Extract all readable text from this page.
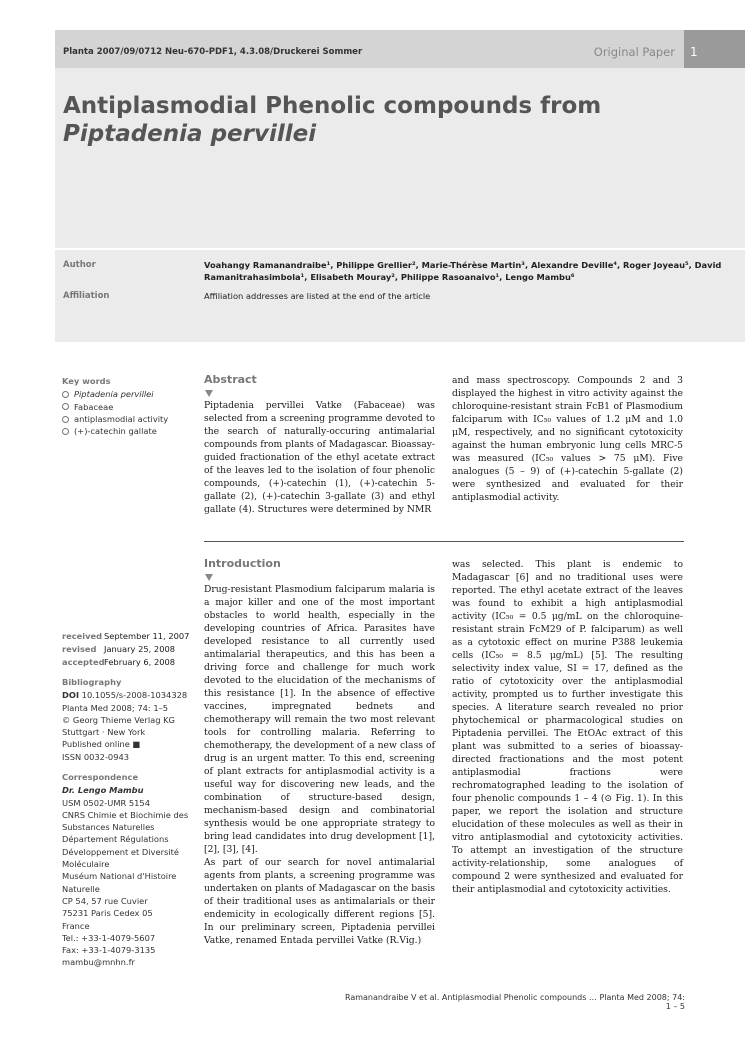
Planta 2007/09/0712 Neu-670-PDF1, 4.3.08/Druckerei Sommer	Original Paper 1
Antiplasmodial Phenolic compounds from Piptadenia pervillei
Author	Voahangy Ramanandraibe¹, Philippe Grellier², Marie-Thérèse Martin³, Alexandre Deville⁴, Roger Joyeau⁵, David Ramanitrahasimbola¹, Elisabeth Mouray², Philippe Rasoanaivo¹, Lengo Mambu⁶
Affiliation	Affiliation addresses are listed at the end of the article
Key words
Piptadenia pervillei
Fabaceae
antiplasmodial activity
(+)-catechin gallate
received September 11, 2007
revised January 25, 2008
acceptedFebruary 6, 2008
Bibliography
DOI 10.1055/s-2008-1034328
Planta Med 2008; 74: 1–5
© Georg Thieme Verlag KG
Stuttgart · New York
Published online ■
ISSN 0032-0943
Correspondence
Dr. Lengo Mambu
USM 0502-UMR 5154
CNRS Chimie et Biochimie des
Substances Naturelles
Département Régulations
Développement et Diversité
Moléculaire
Muséum National d'Histoire
Naturelle
CP 54, 57 rue Cuvier
75231 Paris Cedex 05
France
Tel.: +33-1-4079-5607
Fax: +33-1-4079-3135
mambu@mnhn.fr
Abstract

Piptadenia pervillei Vatke (Fabaceae) was selected from a screening programme devoted to the search of naturally-occuring antimalarial compounds from plants of Madagascar. Bioassay-guided fractionation of the ethyl acetate extract of the leaves led to the isolation of four phenolic compounds, (+)-catechin (1), (+)-catechin 5-gallate (2), (+)-catechin 3-gallate (3) and ethyl gallate (4). Structures were determined by NMR

and mass spectroscopy. Compounds 2 and 3 displayed the highest in vitro activity against the chloroquine-resistant strain FcB1 of Plasmodium falciparum with IC₅₀ values of 1.2 μM and 1.0 μM, respectively, and no significant cytotoxicity against the human embryonic lung cells MRC-5 was measured (IC₅₀ values > 75 μM). Five analogues (5 – 9) of (+)-catechin 5-gallate (2) were synthesized and evaluated for their antiplasmodial activity.

Introduction

Drug-resistant Plasmodium falciparum malaria is a major killer and one of the most important obstacles to world health, especially in the developing countries of Africa. Parasites have developed resistance to all currently used antimalarial therapeutics, and this has been a driving force and challenge for much work devoted to the elucidation of the mechanisms of this resistance [1]. In the absence of effective vaccines, impregnated bednets and chemotherapy will remain the two most relevant tools for controlling malaria. Referring to chemotherapy, the development of a new class of drug is an urgent matter. To this end, screening of plant extracts for antiplasmodial activity is a useful way for discovering new leads, and the combination of structure-based design, mechanism-based design and combinatorial synthesis would be one appropriate strategy to bring lead candidates into drug development [1], [2], [3], [4].

As part of our search for novel antimalarial agents from plants, a screening programme was undertaken on plants of Madagascar on the basis of their traditional uses as antimalarials or their endemicity in ecologically different regions [5]. In our preliminary screen, Piptadenia pervillei Vatke, renamed Entada pervillei Vatke (R.Vig.)

was selected. This plant is endemic to Madagascar [6] and no traditional uses were reported. The ethyl acetate extract of the leaves was found to exhibit a high antiplasmodial activity (IC₅₀ = 0.5 μg/mL on the chloroquine-resistant strain FcM29 of P. falciparum) as well as a cytotoxic effect on murine P388 leukemia cells (IC₅₀ = 8.5 μg/mL) [5]. The resulting selectivity index value, SI = 17, defined as the ratio of cytotoxicity over the antiplasmodial activity, prompted us to further investigate this species. A literature search revealed no prior phytochemical or pharmacological studies on Piptadenia pervillei. The EtOAc extract of this plant was submitted to a series of bioassay-directed fractionations and the most potent antiplasmodial fractions were rechromatographed leading to the isolation of four phenolic compounds 1 – 4 (⊙ Fig. 1). In this paper, we report the isolation and structure elucidation of these molecules as well as their in vitro antiplasmodial and cytotoxicity activities. To attempt an investigation of the structure activity-relationship, some analogues of compound 2 were synthesized and evaluated for their antiplasmodial and cytotoxicity activities.

Ramanandraibe V et al. Antiplasmodial Phenolic compounds … Planta Med 2008; 74: 1 – 5
